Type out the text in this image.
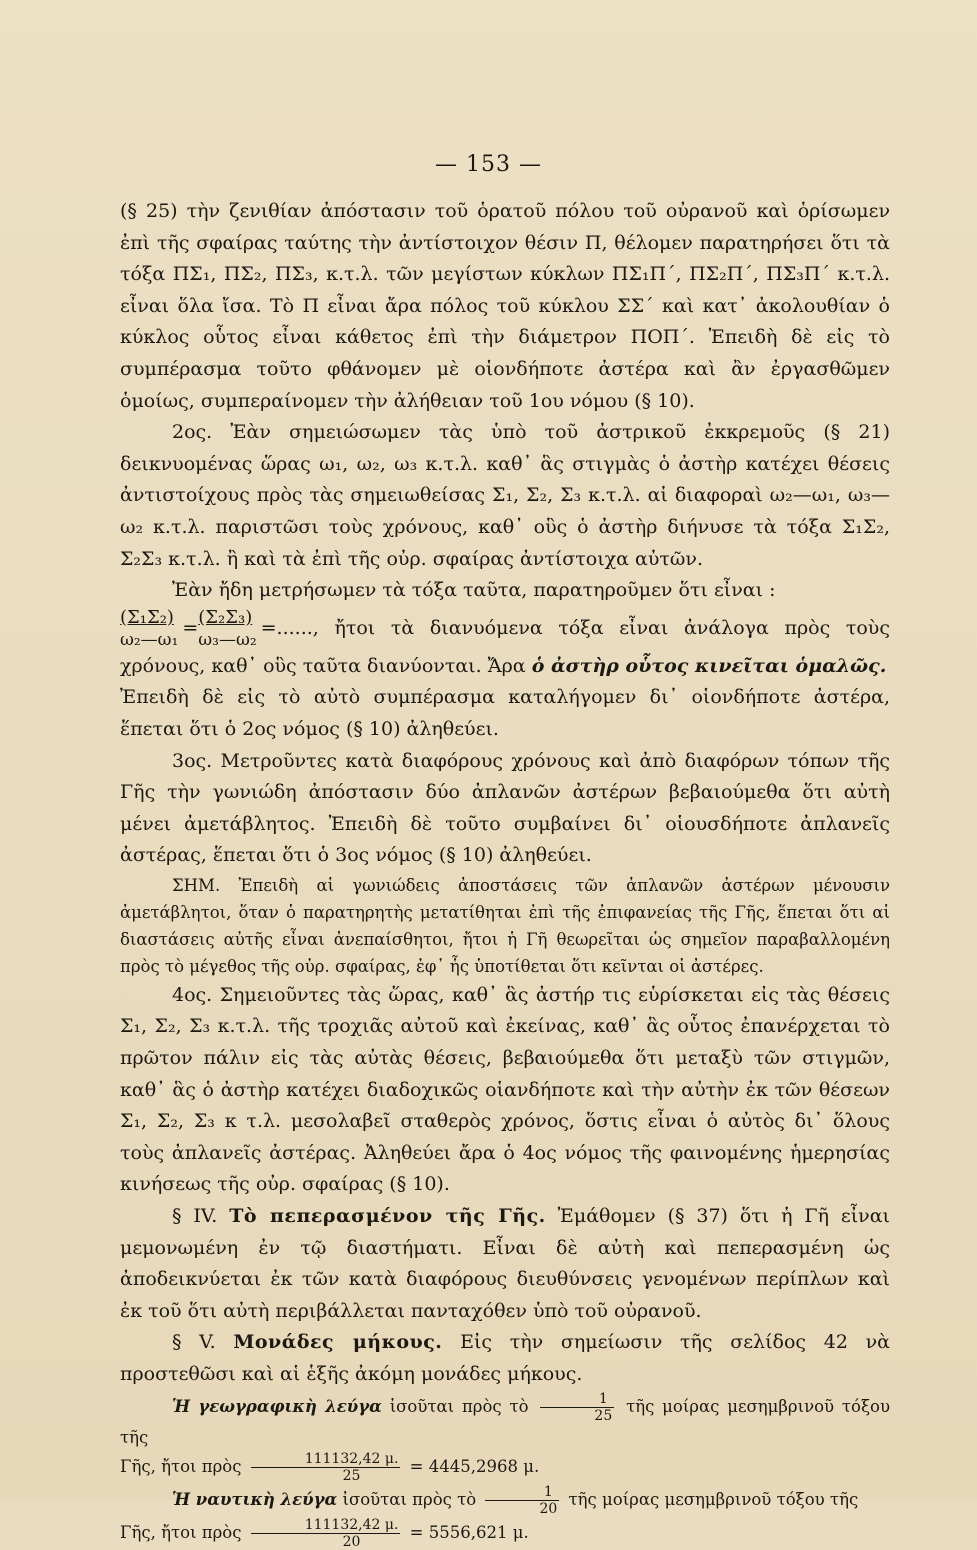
— 153 —

(§ 25) τὴν ζενιθίαν ἀπόστασιν τοῦ ὁρατοῦ πόλου τοῦ οὐρανοῦ καὶ ὁρίσωμεν ἐπὶ τῆς σφαίρας ταύτης τὴν ἀντίστοιχον θέσιν Π, θέλομεν παρατηρήσει ὅτι τὰ τόξα ΠΣ₁, ΠΣ₂, ΠΣ₃, κ.τ.λ. τῶν μεγίστων κύκλων ΠΣ₁Π΄, ΠΣ₂Π΄, ΠΣ₃Π΄ κ.τ.λ. εἶναι ὅλα ἴσα. Τὸ Π εἶναι ἄρα πόλος τοῦ κύκλου ΣΣ΄ καὶ κατ᾽ ἀκολουθίαν ὁ κύκλος οὗτος εἶναι κάθετος ἐπὶ τὴν διάμετρον ΠΟΠ΄. Ἐπειδὴ δὲ εἰς τὸ συμπέρασμα τοῦτο φθάνομεν μὲ οἱονδήποτε ἀστέρα καὶ ἂν ἐργασθῶμεν ὁμοίως, συμπεραίνομεν τὴν ἀλήθειαν τοῦ 1ου νόμου (§ 10).

2ος. Ἐὰν σημειώσωμεν τὰς ὑπὸ τοῦ ἀστρικοῦ ἐκκρεμοῦς (§ 21) δεικνυομένας ὥρας ω₁, ω₂, ω₃ κ.τ.λ. καθ᾽ ἃς στιγμὰς ὁ ἀστὴρ κατέχει θέσεις ἀντιστοίχους πρὸς τὰς σημειωθείσας Σ₁, Σ₂, Σ₃ κ.τ.λ. αἱ διαφοραὶ ω₂—ω₁, ω₃—ω₂ κ.τ.λ. παριστῶσι τοὺς χρόνους, καθ᾽ οὓς ὁ ἀστὴρ διήνυσε τὰ τόξα Σ₁Σ₂, Σ₂Σ₃ κ.τ.λ. ἢ καὶ τὰ ἐπὶ τῆς οὐρ. σφαίρας ἀντίστοιχα αὐτῶν.

Ἐὰν ἤδη μετρήσωμεν τὰ τόξα ταῦτα, παρατηροῦμεν ὅτι εἶναι :

$\frac{\text{(Σ₁Σ₂)}}{\text{ω₂—ω₁}} = \frac{\text{(Σ₂Σ₃)}}{\text{ω₃—ω₂}}$ =......, ἤτοι τὰ διανυόμενα τόξα εἶναι ἀνάλογα πρὸς τοὺς χρόνους, καθ᾽ οὓς ταῦτα διανύονται. Ἄρα ὁ ἀστὴρ οὗτος κινεῖται ὁμαλῶς.

Ἐπειδὴ δὲ εἰς τὸ αὐτὸ συμπέρασμα καταλήγομεν δι᾽ οἱονδήποτε ἀστέρα, ἕπεται ὅτι ὁ 2ος νόμος (§ 10) ἀληθεύει.

3ος. Μετροῦντες κατὰ διαφόρους χρόνους καὶ ἀπὸ διαφόρων τόπων τῆς Γῆς τὴν γωνιώδη ἀπόστασιν δύο ἀπλανῶν ἀστέρων βεβαιούμεθα ὅτι αὐτὴ μένει ἀμετάβλητος. Ἐπειδὴ δὲ τοῦτο συμβαίνει δι᾽ οἱουσδήποτε ἀπλανεῖς ἀστέρας, ἕπεται ὅτι ὁ 3ος νόμος (§ 10) ἀληθεύει.

ΣΗΜ. Ἐπειδὴ αἱ γωνιώδεις ἀποστάσεις τῶν ἀπλανῶν ἀστέρων μένουσιν ἀμετάβλητοι, ὅταν ὁ παρατηρητὴς μετατίθηται ἐπὶ τῆς ἐπιφανείας τῆς Γῆς, ἕπεται ὅτι αἱ διαστάσεις αὐτῆς εἶναι ἀνεπαίσθητοι, ἤτοι ἡ Γῆ θεωρεῖται ὡς σημεῖον παραβαλλομένη πρὸς τὸ μέγεθος τῆς οὐρ. σφαίρας, ἐφ᾽ ἧς ὑποτίθεται ὅτι κεῖνται οἱ ἀστέρες.

4ος. Σημειοῦντες τὰς ὥρας, καθ᾽ ἃς ἀστήρ τις εὑρίσκεται εἰς τὰς θέσεις Σ₁, Σ₂, Σ₃ κ.τ.λ. τῆς τροχιᾶς αὐτοῦ καὶ ἐκείνας, καθ᾽ ἃς οὗτος ἐπανέρχεται τὸ πρῶτον πάλιν εἰς τὰς αὐτὰς θέσεις, βεβαιούμεθα ὅτι μεταξὺ τῶν στιγμῶν, καθ᾽ ἃς ὁ ἀστὴρ κατέχει διαδοχικῶς οἱανδήποτε καὶ τὴν αὐτὴν ἐκ τῶν θέσεων Σ₁, Σ₂, Σ₃ κ τ.λ. μεσολαβεῖ σταθερὸς χρόνος, ὅστις εἶναι ὁ αὐτὸς δι᾽ ὅλους τοὺς ἀπλανεῖς ἀστέρας. Ἀληθεύει ἄρα ὁ 4ος νόμος τῆς φαινομένης ἡμερησίας κινήσεως τῆς οὐρ. σφαίρας (§ 10).

§ IV. Τὸ πεπερασμένον τῆς Γῆς. Ἐμάθομεν (§ 37) ὅτι ἡ Γῆ εἶναι μεμονωμένη ἐν τῷ διαστήματι. Εἶναι δὲ αὐτὴ καὶ πεπερασμένη ὡς ἀποδεικνύεται ἐκ τῶν κατὰ διαφόρους διευθύνσεις γενομένων περίπλων καὶ ἐκ τοῦ ὅτι αὐτὴ περιβάλλεται πανταχόθεν ὑπὸ τοῦ οὐρανοῦ.

§ V. Μονάδες μήκους. Εἰς τὴν σημείωσιν τῆς σελίδος 42 νὰ προστεθῶσι καὶ αἱ ἑξῆς ἀκόμη μονάδες μήκους.

Ἡ γεωγραφικὴ λεύγα ἰσοῦται πρὸς τὸ $\frac{1}{25}$ τῆς μοίρας μεσημβρινοῦ τόξου τῆς
Γῆς, ἤτοι πρὸς $\frac{111132,42 \mu.}{25} = 4445,2968$ μ.

Ἡ ναυτικὴ λεύγα ἰσοῦται πρὸς τὸ $\frac{1}{20}$ τῆς μοίρας μεσημβρινοῦ τόξου τῆς
Γῆς, ἤτοι πρὸς $\frac{111132,42 \mu.}{20} = 5556,621$ μ.
